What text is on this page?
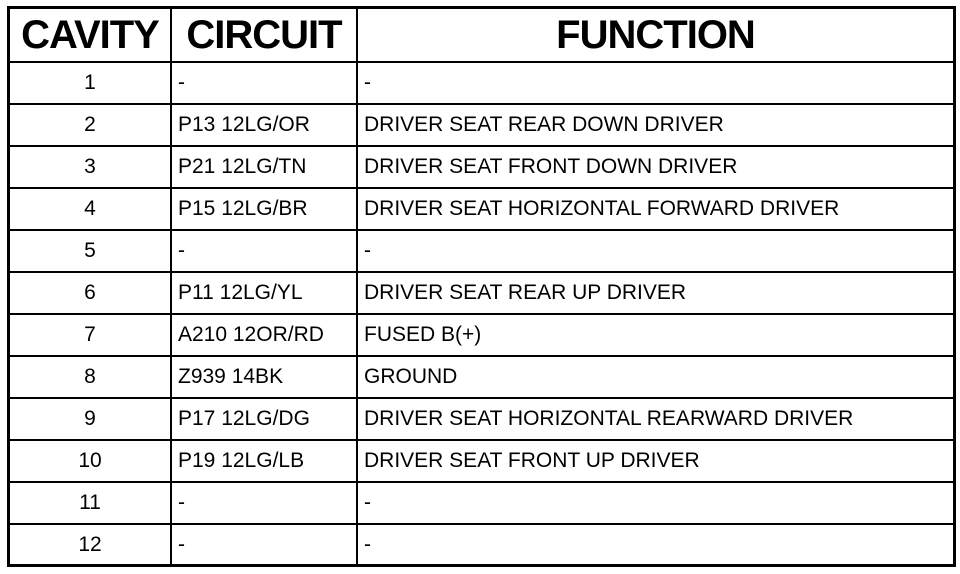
CAVITY	CIRCUIT	FUNCTION
1	-	-
2	P13 12LG/OR	DRIVER SEAT REAR DOWN DRIVER
3	P21 12LG/TN	DRIVER SEAT FRONT DOWN DRIVER
4	P15 12LG/BR	DRIVER SEAT HORIZONTAL FORWARD DRIVER
5	-	-
6	P11 12LG/YL	DRIVER SEAT REAR UP DRIVER
7	A210 12OR/RD	FUSED B(+)
8	Z939 14BK	GROUND
9	P17 12LG/DG	DRIVER SEAT HORIZONTAL REARWARD DRIVER
10	P19 12LG/LB	DRIVER SEAT FRONT UP DRIVER
11	-	-
12	-	-
